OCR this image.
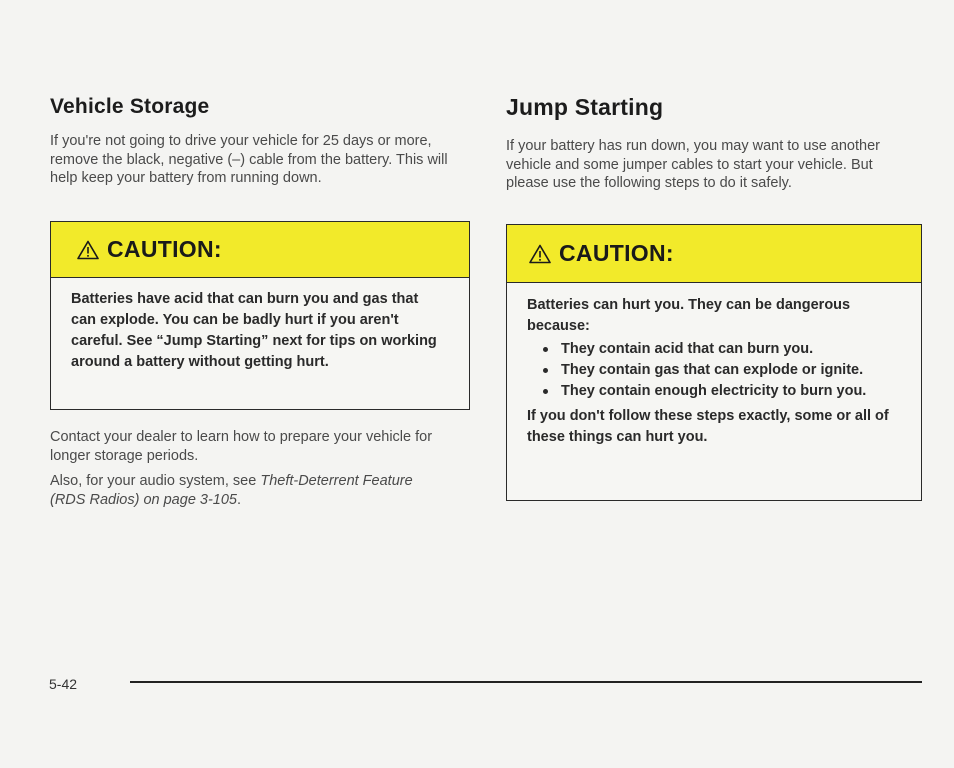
Vehicle Storage

If you're not going to drive your vehicle for 25 days or more, remove the black, negative (–) cable from the battery. This will help keep your battery from running down.

CAUTION:

Batteries have acid that can burn you and gas that can explode. You can be badly hurt if you aren't careful. See “Jump Starting” next for tips on working around a battery without getting hurt.

Contact your dealer to learn how to prepare your vehicle for longer storage periods.

Also, for your audio system, see Theft-Deterrent Feature (RDS Radios) on page 3-105.

Jump Starting

If your battery has run down, you may want to use another vehicle and some jumper cables to start your vehicle. But please use the following steps to do it safely.

CAUTION:

Batteries can hurt you. They can be dangerous because:

They contain acid that can burn you.
They contain gas that can explode or ignite.
They contain enough electricity to burn you.

If you don't follow these steps exactly, some or all of these things can hurt you.

5-42
